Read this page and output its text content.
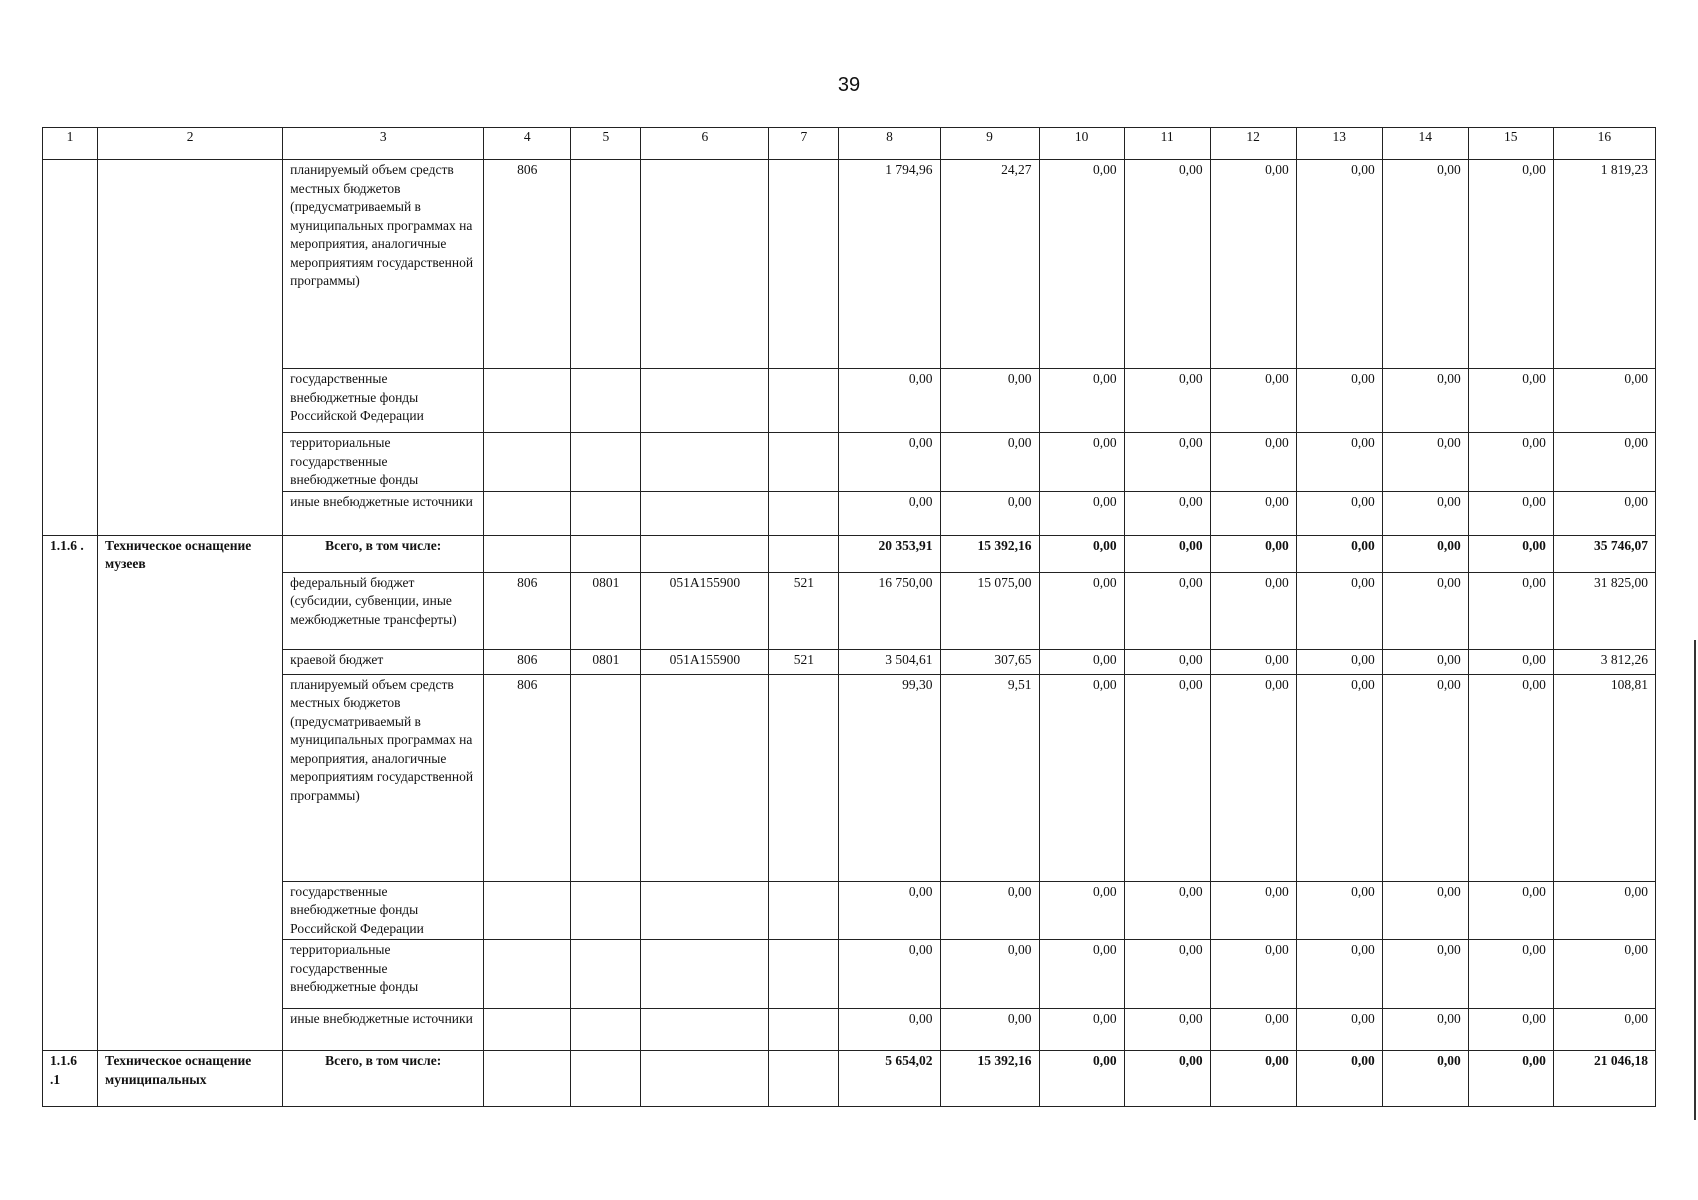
39
1	2	3	4	5	6	7	8	9	10	11	12	13	14	15	16
		планируемый объем средств местных бюджетов (предусматриваемый в муниципальных программах на мероприятия, аналогичные мероприятиям государственной программы)	806				1 794,96	24,27	0,00	0,00	0,00	0,00	0,00	0,00	1 819,23
		государственные внебюджетные фонды Российской Федерации					0,00	0,00	0,00	0,00	0,00	0,00	0,00	0,00	0,00
		территориальные государственные внебюджетные фонды					0,00	0,00	0,00	0,00	0,00	0,00	0,00	0,00	0,00
		иные внебюджетные источники					0,00	0,00	0,00	0,00	0,00	0,00	0,00	0,00	0,00
1.1.6 .	Техническое оснащение музеев	Всего, в том числе:					20 353,91	15 392,16	0,00	0,00	0,00	0,00	0,00	0,00	35 746,07
		федеральный бюджет (субсидии, субвенции, иные межбюджетные трансферты)	806	0801	051A155900	521	16 750,00	15 075,00	0,00	0,00	0,00	0,00	0,00	0,00	31 825,00
		краевой бюджет	806	0801	051A155900	521	3 504,61	307,65	0,00	0,00	0,00	0,00	0,00	0,00	3 812,26
		планируемый объем средств местных бюджетов (предусматриваемый в муниципальных программах на мероприятия, аналогичные мероприятиям государственной программы)	806				99,30	9,51	0,00	0,00	0,00	0,00	0,00	0,00	108,81
		государственные внебюджетные фонды Российской Федерации					0,00	0,00	0,00	0,00	0,00	0,00	0,00	0,00	0,00
		территориальные государственные внебюджетные фонды					0,00	0,00	0,00	0,00	0,00	0,00	0,00	0,00	0,00
		иные внебюджетные источники					0,00	0,00	0,00	0,00	0,00	0,00	0,00	0,00	0,00
1.1.6 .1	Техническое оснащение муниципальных	Всего, в том числе:					5 654,02	15 392,16	0,00	0,00	0,00	0,00	0,00	0,00	21 046,18
